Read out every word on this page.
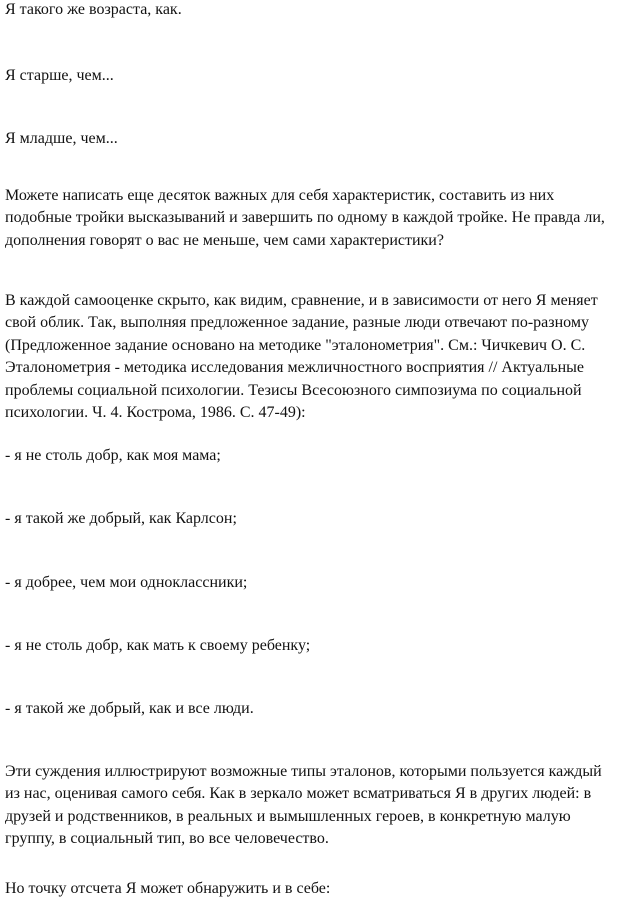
Я такого же возраста, как.

Я старше, чем...

Я младше, чем...

Можете написать еще десяток важных для себя характеристик, составить из них подобные тройки высказываний и завершить по одному в каждой тройке. Не правда ли, дополнения говорят о вас не меньше, чем сами характеристики?

В каждой самооценке скрыто, как видим, сравнение, и в зависимости от него Я меняет свой облик. Так, выполняя предложенное задание, разные люди отвечают по-разному (Предложенное задание основано на методике "эталонометрия". См.: Чичкевич О. С. Эталонометрия - методика исследования межличностного восприятия // Актуальные проблемы социальной психологии. Тезисы Всесоюзного симпозиума по социальной психологии. Ч. 4. Кострома, 1986. С. 47-49):

- я не столь добр, как моя мама;

- я такой же добрый, как Карлсон;

- я добрее, чем мои одноклассники;

- я не столь добр, как мать к своему ребенку;

- я такой же добрый, как и все люди.

Эти суждения иллюстрируют возможные типы эталонов, которыми пользуется каждый из нас, оценивая самого себя. Как в зеркало может всматриваться Я в других людей: в друзей и родственников, в реальных и вымышленных героев, в конкретную малую группу, в социальный тип, во все человечество.

Но точку отсчета Я может обнаружить и в себе:
